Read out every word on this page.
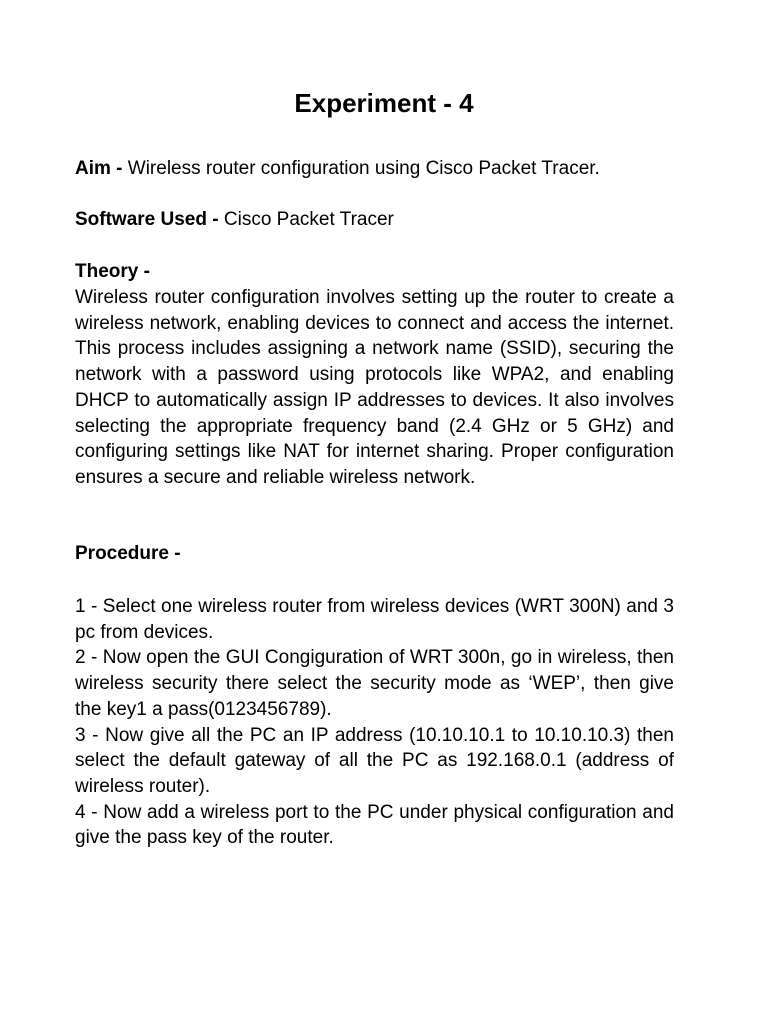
Experiment - 4

Aim - Wireless router configuration using Cisco Packet Tracer.

Software Used - Cisco Packet Tracer

Theory -

Wireless router configuration involves setting up the router to create a wireless network, enabling devices to connect and access the internet. This process includes assigning a network name (SSID), securing the network with a password using protocols like WPA2, and enabling DHCP to automatically assign IP addresses to devices. It also involves selecting the appropriate frequency band (2.4 GHz or 5 GHz) and configuring settings like NAT for internet sharing. Proper configuration ensures a secure and reliable wireless network.

Procedure -

1 - Select one wireless router from wireless devices (WRT 300N) and 3 pc from devices.

2 - Now open the GUI Congiguration of WRT 300n, go in wireless, then wireless security there select the security mode as ‘WEP’, then give the key1 a pass(0123456789).

3 - Now give all the PC an IP address (10.10.10.1 to 10.10.10.3) then select the default gateway of all the PC as 192.168.0.1 (address of wireless router).

4 - Now add a wireless port to the PC under physical configuration and give the pass key of the router.
